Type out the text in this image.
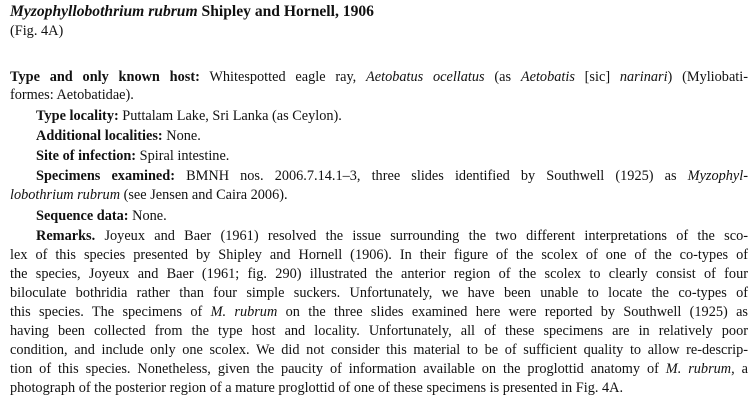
Myzophyllobothrium rubrum Shipley and Hornell, 1906
(Fig. 4A)
Type and only known host: Whitespotted eagle ray, Aetobatus ocellatus (as Aetobatis [sic] narinari) (Myliobati-
formes: Aetobatidae).
Type locality: Puttalam Lake, Sri Lanka (as Ceylon).
Additional localities: None.
Site of infection: Spiral intestine.
Specimens examined: BMNH nos. 2006.7.14.1–3, three slides identified by Southwell (1925) as Myzophyl-
lobothrium rubrum (see Jensen and Caira 2006).
Sequence data: None.
Remarks. Joyeux and Baer (1961) resolved the issue surrounding the two different interpretations of the sco-
lex of this species presented by Shipley and Hornell (1906). In their figure of the scolex of one of the co-types of
the species, Joyeux and Baer (1961; fig. 290) illustrated the anterior region of the scolex to clearly consist of four
biloculate bothridia rather than four simple suckers. Unfortunately, we have been unable to locate the co-types of
this species. The specimens of M. rubrum on the three slides examined here were reported by Southwell (1925) as
having been collected from the type host and locality. Unfortunately, all of these specimens are in relatively poor
condition, and include only one scolex. We did not consider this material to be of sufficient quality to allow re-descrip-
tion of this species. Nonetheless, given the paucity of information available on the proglottid anatomy of M. rubrum, a
photograph of the posterior region of a mature proglottid of one of these specimens is presented in Fig. 4A.
